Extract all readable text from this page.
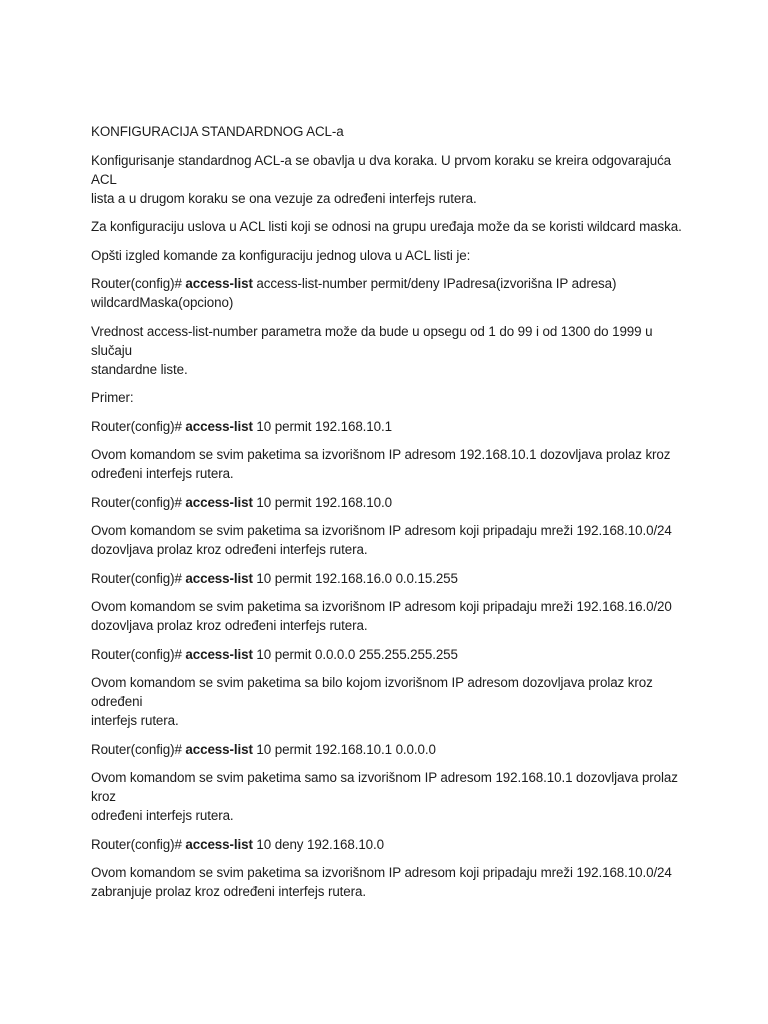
KONFIGURACIJA STANDARDNOG ACL-a

Konfigurisanje standardnog ACL-a se obavlja u dva koraka. U prvom koraku se kreira odgovarajuća ACL
lista a u drugom koraku se ona vezuje za određeni interfejs rutera.

Za konfiguraciju uslova u ACL listi koji se odnosi na grupu uređaja može da se koristi wildcard maska.

Opšti izgled komande za konfiguraciju jednog ulova u ACL listi je:

Router(config)# access-list access-list-number permit/deny IPadresa(izvorišna IP adresa)
wildcardMaska(opciono)

Vrednost access-list-number parametra može da bude u opsegu od 1 do 99 i od 1300 do 1999 u slučaju
standardne liste.

Primer:

Router(config)# access-list 10 permit 192.168.10.1

Ovom komandom se svim paketima sa izvorišnom IP adresom 192.168.10.1 dozovljava prolaz kroz
određeni interfejs rutera.

Router(config)# access-list 10 permit 192.168.10.0

Ovom komandom se svim paketima sa izvorišnom IP adresom koji pripadaju mreži 192.168.10.0/24
dozovljava prolaz kroz određeni interfejs rutera.

Router(config)# access-list 10 permit 192.168.16.0 0.0.15.255

Ovom komandom se svim paketima sa izvorišnom IP adresom koji pripadaju mreži 192.168.16.0/20
dozovljava prolaz kroz određeni interfejs rutera.

Router(config)# access-list 10 permit 0.0.0.0 255.255.255.255

Ovom komandom se svim paketima sa bilo kojom izvorišnom IP adresom dozovljava prolaz kroz određeni
interfejs rutera.

Router(config)# access-list 10 permit 192.168.10.1 0.0.0.0

Ovom komandom se svim paketima samo sa izvorišnom IP adresom 192.168.10.1 dozovljava prolaz kroz
određeni interfejs rutera.

Router(config)# access-list 10 deny 192.168.10.0

Ovom komandom se svim paketima sa izvorišnom IP adresom koji pripadaju mreži 192.168.10.0/24
zabranjuje prolaz kroz određeni interfejs rutera.
